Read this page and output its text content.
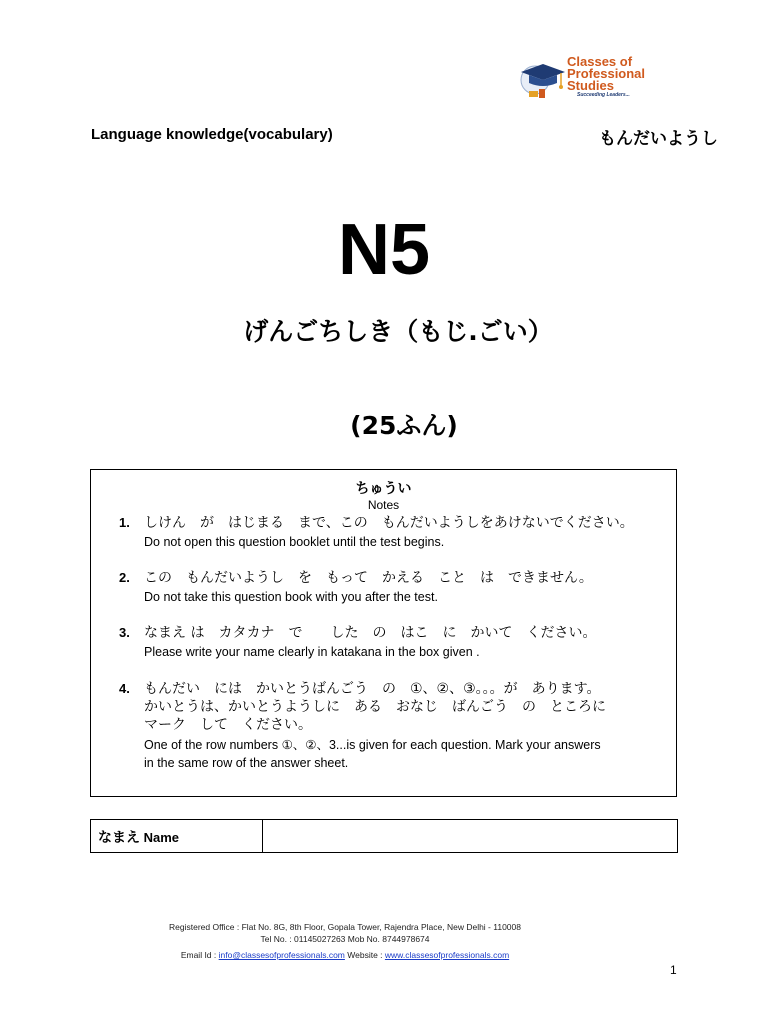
Classes of
Professional
Studies
Succeeding Leaders...
Language knowledge(vocabulary)	もんだいようし
N5
げんごちしき（もじ.ごい）
(25ふん)
ちゅうい
Notes
1. しけん　が　はじまる　まで、この　もんだいようしをあけないでください。
Do not open this question booklet until the test begins.
2. この　もんだいようし　を　もって　かえる　こと　は　できません。
Do not take this question book with you after the test.
3. なまえ は　カタカナ　で　　した　の　はこ　に　かいて　ください。
Please write your name clearly in katakana in the box given .
4. もんだい　には　かいとうばんごう　の　①、②、③。。。が　あります。
かいとうは、かいとうようしに　ある　おなじ　ばんごう　の　ところに
マーク　して　ください。
One of the row numbers ①、②、3...is given for each question. Mark your answers
in the same row of the answer sheet.
なまえ Name
Registered Office : Flat No. 8G, 8th Floor, Gopala Tower, Rajendra Place, New Delhi - 110008
Tel No. : 01145027263 Mob No. 8744978674
Email Id : info@classesofprofessionals.com Website : www.classesofprofessionals.com
1
